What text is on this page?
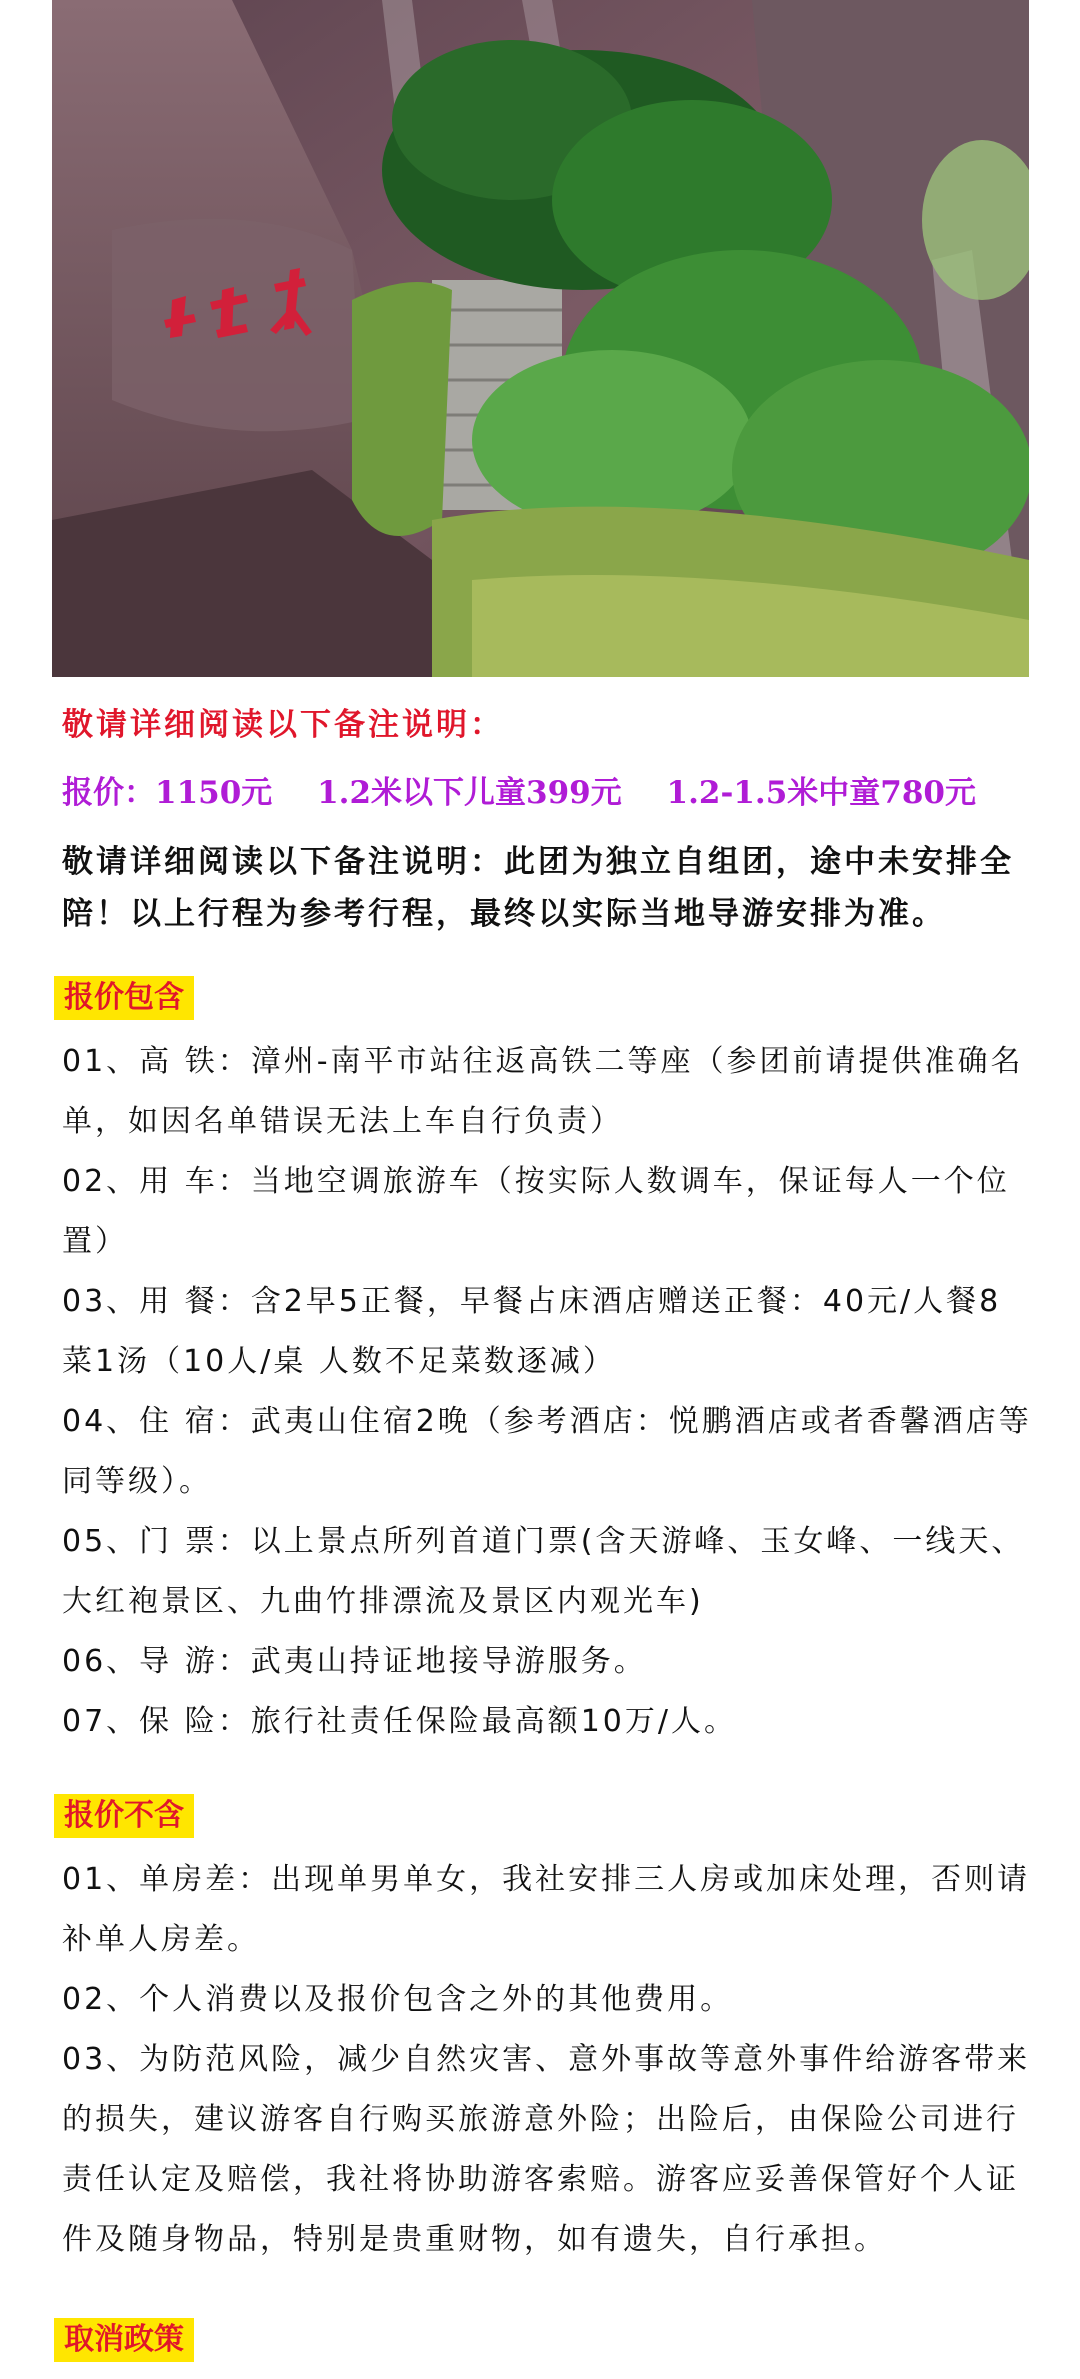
敬请详细阅读以下备注说明：
报价：1150元 1.2米以下儿童399元 1.2-1.5米中童780元
敬请详细阅读以下备注说明：此团为独立自组团，途中未安排全陪！以上行程为参考行程，最终以实际当地导游安排为准。
报价包含
01、高 铁：漳州-南平市站往返高铁二等座（参团前请提供准确名单，如因名单错误无法上车自行负责）
02、用 车：当地空调旅游车（按实际人数调车，保证每人一个位置）
03、用 餐：含2早5正餐，早餐占床酒店赠送正餐：40元/人餐8菜1汤（10人/桌 人数不足菜数逐减）
04、住 宿：武夷山住宿2晚（参考酒店：悦鹏酒店或者香馨酒店等同等级）。
05、门 票：以上景点所列首道门票(含天游峰、玉女峰、一线天、大红袍景区、九曲竹排漂流及景区内观光车)
06、导 游：武夷山持证地接导游服务。
07、保 险：旅行社责任保险最高额10万/人。
报价不含
01、单房差：出现单男单女，我社安排三人房或加床处理，否则请补单人房差。
02、个人消费以及报价包含之外的其他费用。
03、为防范风险，减少自然灾害、意外事故等意外事件给游客带来的损失，建议游客自行购买旅游意外险；出险后，由保险公司进行责任认定及赔偿，我社将协助游客索赔。游客应妥善保管好个人证件及随身物品，特别是贵重财物，如有遗失，自行承担。
取消政策
